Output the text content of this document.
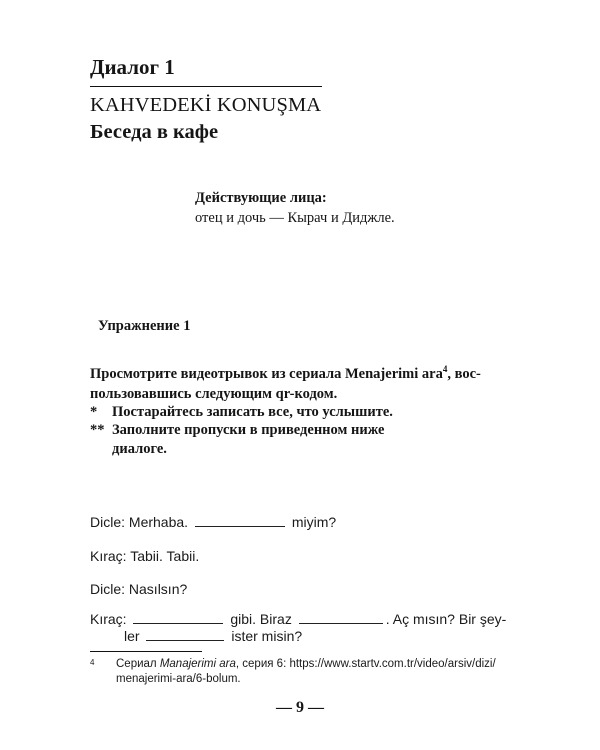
Диалог 1
KAHVEDEKİ KONUŞMA
Беседа в кафе
Действующие лица:
отец и дочь — Кырач и Диджле.
Упражнение 1
Просмотрите видеотрывок из сериала Menajerimi ara$^4$, вос-
пользовавшись следующим qr-кодом.
* Постарайтесь записать все, что услышите.
** Заполните пропуски в приведенном ниже
диалоге.
Dicle: Merhaba.	miyim?
Kıraç: Tabii. Tabii.
Dicle: Nasılsın?
Kıraç:	gibi. Biraz	. Aç mısın? Bir şey-
ler	ister misin?
4 Сериал Manajerimi ara, серия 6: https://www.startv.com.tr/video/arsiv/dizi/
menajerimi-ara/6-bolum.
— 9 —
